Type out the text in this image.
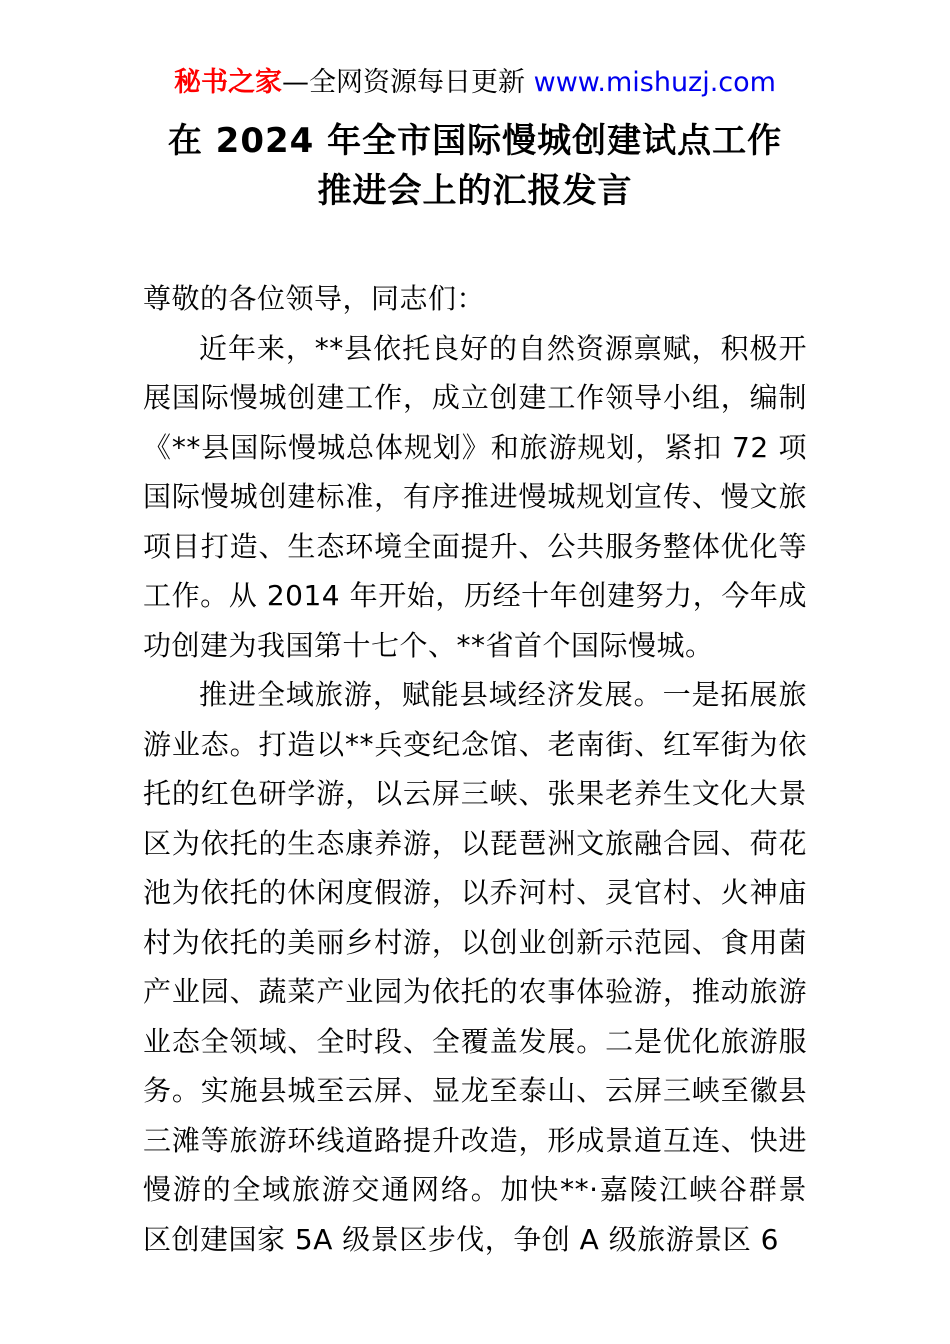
秘书之家—全网资源每日更新 www.mishuzj.com
在 2024 年全市国际慢城创建试点工作
推进会上的汇报发言

尊敬的各位领导，同志们：

近年来，**县依托良好的自然资源禀赋，积极开展国际慢城创建工作，成立创建工作领导小组，编制《**县国际慢城总体规划》和旅游规划，紧扣 72 项国际慢城创建标准，有序推进慢城规划宣传、慢文旅项目打造、生态环境全面提升、公共服务整体优化等工作。从 2014 年开始，历经十年创建努力，今年成功创建为我国第十七个、**省首个国际慢城。

推进全域旅游，赋能县域经济发展。一是拓展旅游业态。打造以**兵变纪念馆、老南街、红军街为依托的红色研学游，以云屏三峡、张果老养生文化大景区为依托的生态康养游，以琵琶洲文旅融合园、荷花池为依托的休闲度假游，以乔河村、灵官村、火神庙村为依托的美丽乡村游，以创业创新示范园、食用菌产业园、蔬菜产业园为依托的农事体验游，推动旅游业态全领域、全时段、全覆盖发展。二是优化旅游服务。实施县城至云屏、显龙至泰山、云屏三峡至徽县三滩等旅游环线道路提升改造，形成景道互连、快进慢游的全域旅游交通网络。加快**·嘉陵江峡谷群景区创建国家 5A 级景区步伐，争创 A 级旅游景区 6
